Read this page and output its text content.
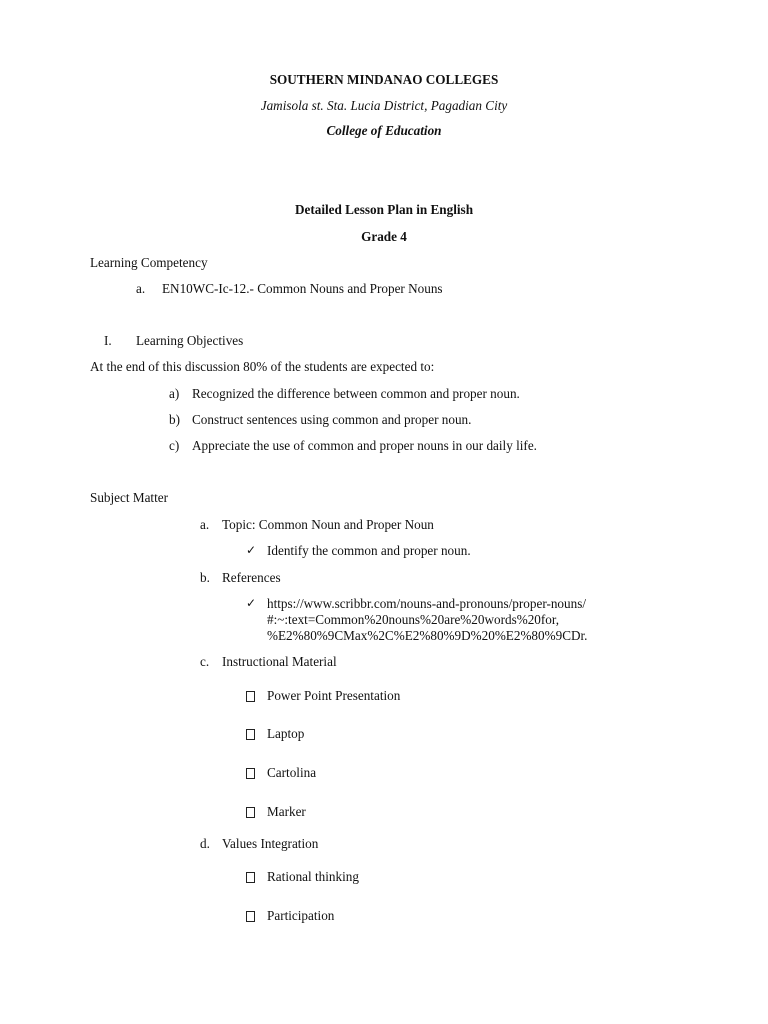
SOUTHERN MINDANAO COLLEGES
Jamisola st. Sta. Lucia District, Pagadian City
College of Education
Detailed Lesson Plan in English
Grade 4
Learning Competency
a. EN10WC-Ic-12.- Common Nouns and Proper Nouns
I. Learning Objectives
At the end of this discussion 80% of the students are expected to:
a) Recognized the difference between common and proper noun.
b) Construct sentences using common and proper noun.
c) Appreciate the use of common and proper nouns in our daily life.
Subject Matter
a. Topic: Common Noun and Proper Noun
✓ Identify the common and proper noun.
b. References
✓ https://www.scribbr.com/nouns-and-pronouns/proper-nouns/
#:~:text=Common%20nouns%20are%20words%20for,
%E2%80%9CMax%2C%E2%80%9D%20%E2%80%9CDr.
c. Instructional Material
Power Point Presentation
Laptop
Cartolina
Marker
d. Values Integration
Rational thinking
Participation
